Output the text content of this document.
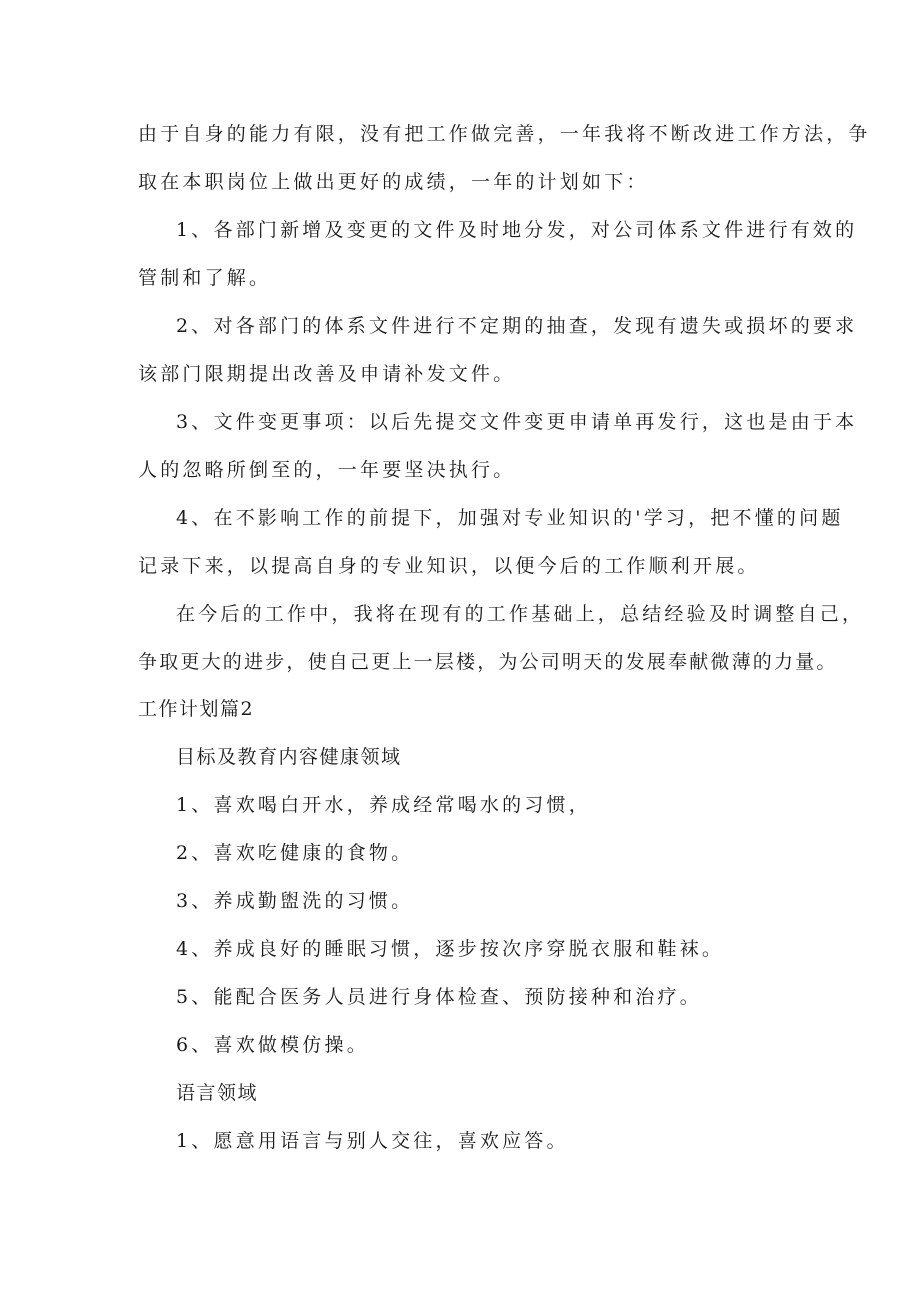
由于自身的能力有限，没有把工作做完善，一年我将不断改进工作方法，争
取在本职岗位上做出更好的成绩，一年的计划如下：
1、各部门新增及变更的文件及时地分发，对公司体系文件进行有效的
管制和了解。
2、对各部门的体系文件进行不定期的抽查，发现有遗失或损坏的要求
该部门限期提出改善及申请补发文件。
3、文件变更事项：以后先提交文件变更申请单再发行，这也是由于本
人的忽略所倒至的，一年要坚决执行。
4、在不影响工作的前提下，加强对专业知识的'学习，把不懂的问题
记录下来，以提高自身的专业知识，以便今后的工作顺利开展。
在今后的工作中，我将在现有的工作基础上，总结经验及时调整自己，
争取更大的进步，使自己更上一层楼，为公司明天的发展奉献微薄的力量。
工作计划篇2
目标及教育内容健康领域
1、喜欢喝白开水，养成经常喝水的习惯，
2、喜欢吃健康的食物。
3、养成勤盥洗的习惯。
4、养成良好的睡眠习惯，逐步按次序穿脱衣服和鞋袜。
5、能配合医务人员进行身体检查、预防接种和治疗。
6、喜欢做模仿操。
语言领域
1、愿意用语言与别人交往，喜欢应答。
